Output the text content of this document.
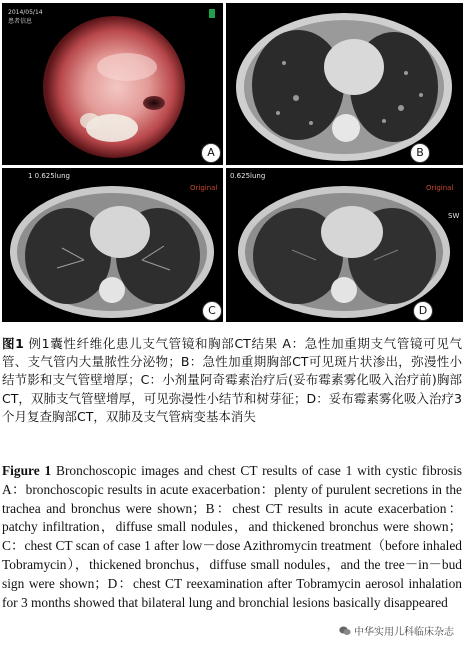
2014/05/14
患者信息
A	B
1 0.625lung
Original
C
0.625lung
Original
SW
D
图1 例1囊性纤维化患儿支气管镜和胸部CT结果 A：急性加重期支气管镜可见气管、支气管内大量脓性分泌物；B：急性加重期胸部CT可见斑片状渗出，弥漫性小结节影和支气管壁增厚；C：小剂量阿奇霉素治疗后(妥布霉素雾化吸入治疗前)胸部CT，双肺支气管壁增厚，可见弥漫性小结节和树芽征；D：妥布霉素雾化吸入治疗3个月复查胸部CT，双肺及支气管病变基本消失
Figure 1 Bronchoscopic images and chest CT results of case 1 with cystic fibrosis A：bronchoscopic results in acute exacerbation：plenty of purulent secretions in the trachea and bronchus were shown；B：chest CT results in acute exacerbation：patchy infiltration，diffuse small nodules，and thickened bronchus were shown；C：chest CT scan of case 1 after low－dose Azithromycin treatment（before inhaled Tobramycin），thickened bronchus，diffuse small nodules，and the tree－in－bud sign were shown；D：chest CT reexamination after Tobramycin aerosol inhalation for 3 months showed that bilateral lung and bronchial lesions basically disappeared
中华实用儿科临床杂志
